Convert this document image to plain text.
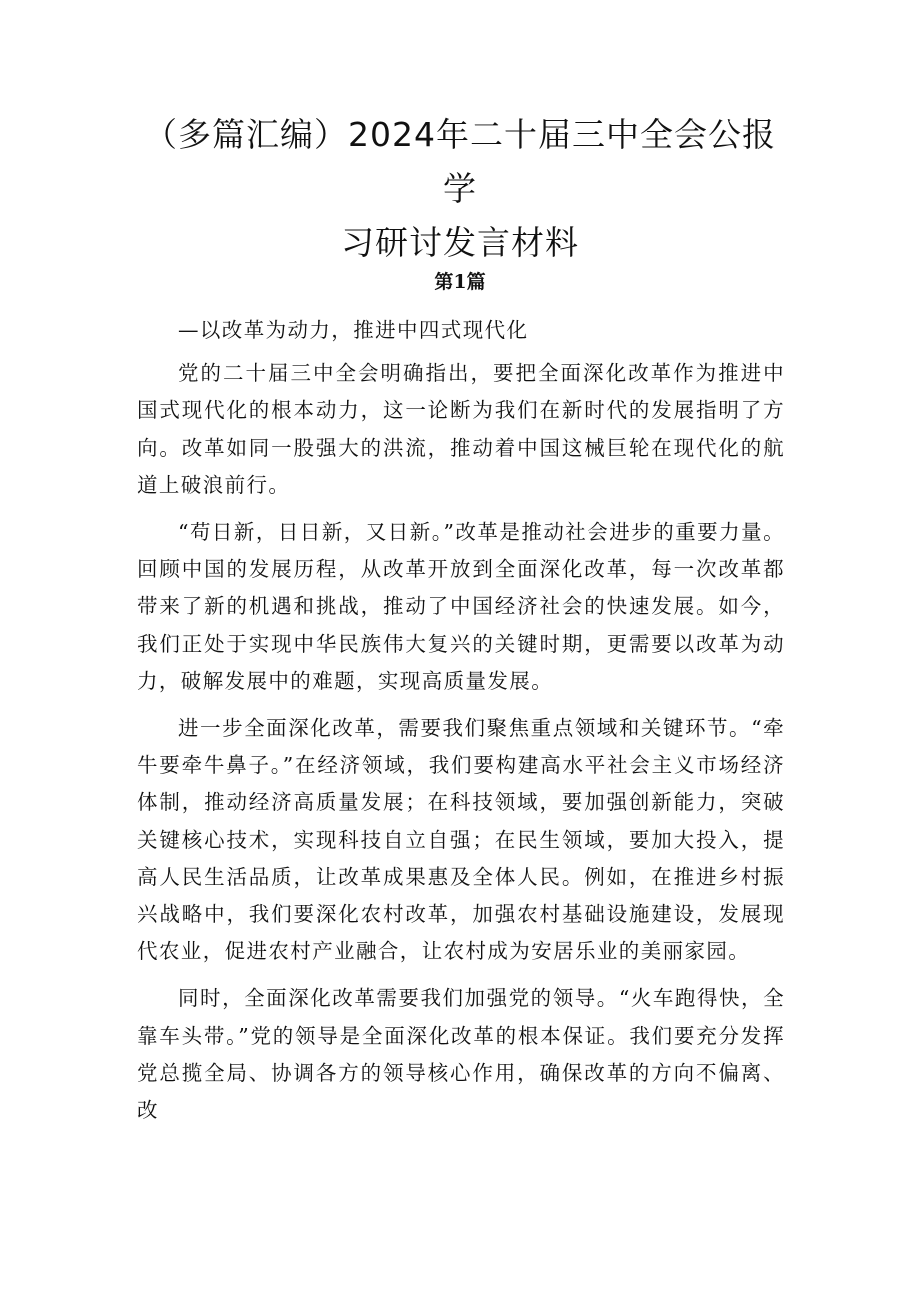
（多篇汇编）2024年二十届三中全会公报学
习研讨发言材料
第1篇

—以改革为动力，推进中四式现代化

党的二十届三中全会明确指出，要把全面深化改革作为推进中国式现代化的根本动力，这一论断为我们在新时代的发展指明了方向。改革如同一股强大的洪流，推动着中国这械巨轮在现代化的航道上破浪前行。

“苟日新，日日新，又日新。”改革是推动社会进步的重要力量。回顾中国的发展历程，从改革开放到全面深化改革，每一次改革都带来了新的机遇和挑战，推动了中国经济社会的快速发展。如今，我们正处于实现中华民族伟大复兴的关键时期，更需要以改革为动力，破解发展中的难题，实现高质量发展。

进一步全面深化改革，需要我们聚焦重点领域和关键环节。“牵牛要牵牛鼻子。”在经济领域，我们要构建高水平社会主义市场经济体制，推动经济高质量发展；在科技领域，要加强创新能力，突破关键核心技术，实现科技自立自强；在民生领域，要加大投入，提高人民生活品质，让改革成果惠及全体人民。例如，在推进乡村振兴战略中，我们要深化农村改革，加强农村基础设施建设，发展现代农业，促进农村产业融合，让农村成为安居乐业的美丽家园。

同时，全面深化改革需要我们加强党的领导。“火车跑得快，全靠车头带。”党的领导是全面深化改革的根本保证。我们要充分发挥党总揽全局、协调各方的领导核心作用，确保改革的方向不偏离、改
